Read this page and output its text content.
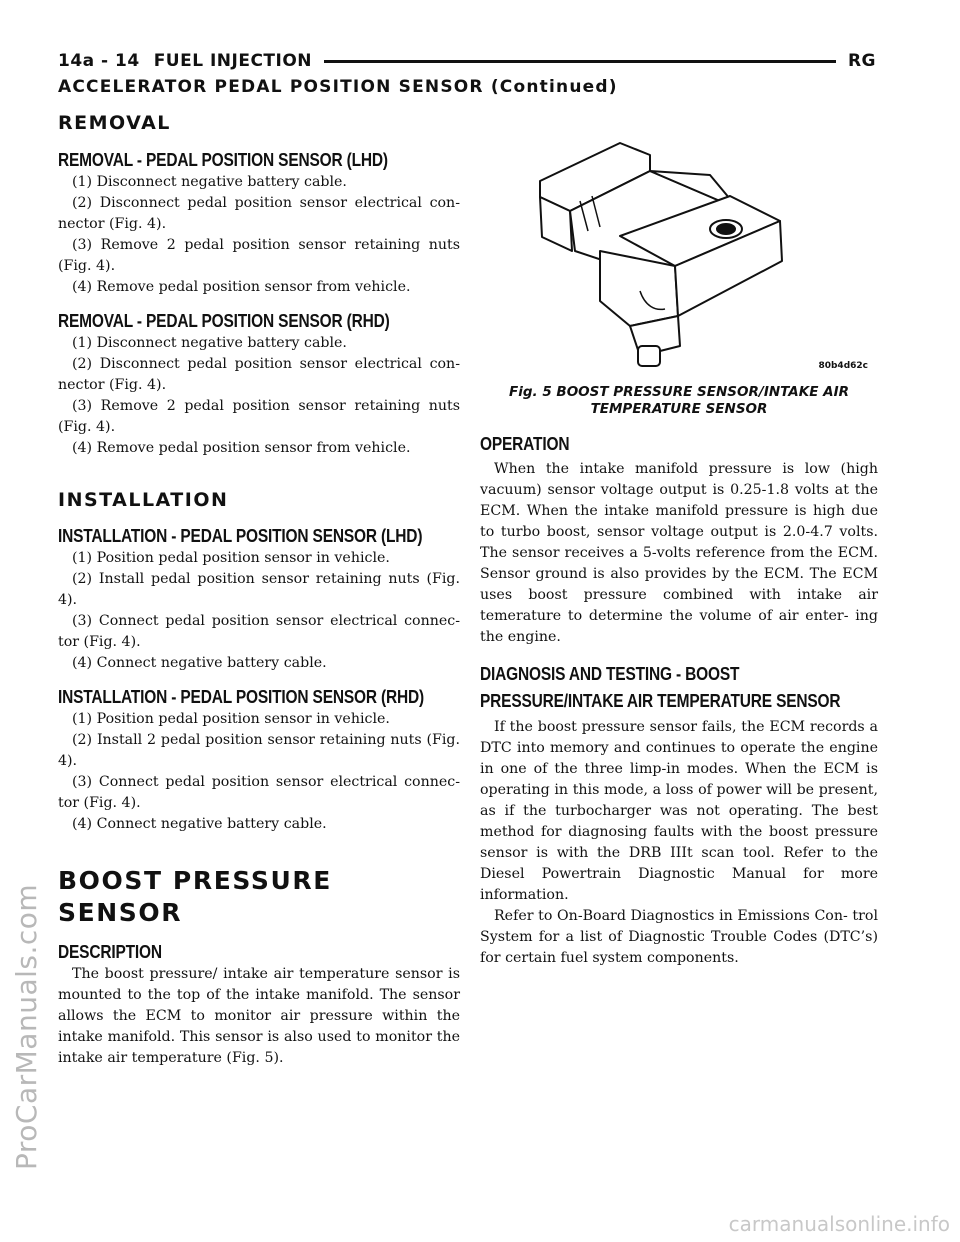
14a - 14 FUEL INJECTION	RG
ACCELERATOR PEDAL POSITION SENSOR (Continued)
REMOVAL
REMOVAL - PEDAL POSITION SENSOR (LHD)

(1) Disconnect negative battery cable.

(2) Disconnect pedal position sensor electrical con- nector (Fig. 4).

(3) Remove 2 pedal position sensor retaining nuts (Fig. 4).

(4) Remove pedal position sensor from vehicle.

REMOVAL - PEDAL POSITION SENSOR (RHD)

(1) Disconnect negative battery cable.

(2) Disconnect pedal position sensor electrical con- nector (Fig. 4).

(3) Remove 2 pedal position sensor retaining nuts (Fig. 4).

(4) Remove pedal position sensor from vehicle.

INSTALLATION
INSTALLATION - PEDAL POSITION SENSOR (LHD)

(1) Position pedal position sensor in vehicle.

(2) Install pedal position sensor retaining nuts (Fig. 4).

(3) Connect pedal position sensor electrical connec- tor (Fig. 4).

(4) Connect negative battery cable.

INSTALLATION - PEDAL POSITION SENSOR (RHD)

(1) Position pedal position sensor in vehicle.

(2) Install 2 pedal position sensor retaining nuts (Fig. 4).

(3) Connect pedal position sensor electrical connec- tor (Fig. 4).

(4) Connect negative battery cable.

BOOST PRESSURE SENSOR
DESCRIPTION

The boost pressure/ intake air temperature sensor is mounted to the top of the intake manifold. The sensor allows the ECM to monitor air pressure within the intake manifold. This sensor is also used to monitor the intake air temperature (Fig. 5).

80b4d62c
Fig. 5 BOOST PRESSURE SENSOR/INTAKE AIR
TEMPERATURE SENSOR
OPERATION

When the intake manifold pressure is low (high vacuum) sensor voltage output is 0.25-1.8 volts at the ECM. When the intake manifold pressure is high due to turbo boost, sensor voltage output is 2.0-4.7 volts. The sensor receives a 5-volts reference from the ECM. Sensor ground is also provides by the ECM. The ECM uses boost pressure combined with intake air temerature to determine the volume of air enter- ing the engine.

DIAGNOSIS AND TESTING - BOOST PRESSURE/INTAKE AIR TEMPERATURE SENSOR

If the boost pressure sensor fails, the ECM records a DTC into memory and continues to operate the engine in one of the three limp-in modes. When the ECM is operating in this mode, a loss of power will be present, as if the turbocharger was not operating. The best method for diagnosing faults with the boost pressure sensor is with the DRB IIIt scan tool. Refer to the Diesel Powertrain Diagnostic Manual for more information.

Refer to On-Board Diagnostics in Emissions Con- trol System for a list of Diagnostic Trouble Codes (DTC’s) for certain fuel system components.

ProCarManuals.com
carmanualsonline.info
